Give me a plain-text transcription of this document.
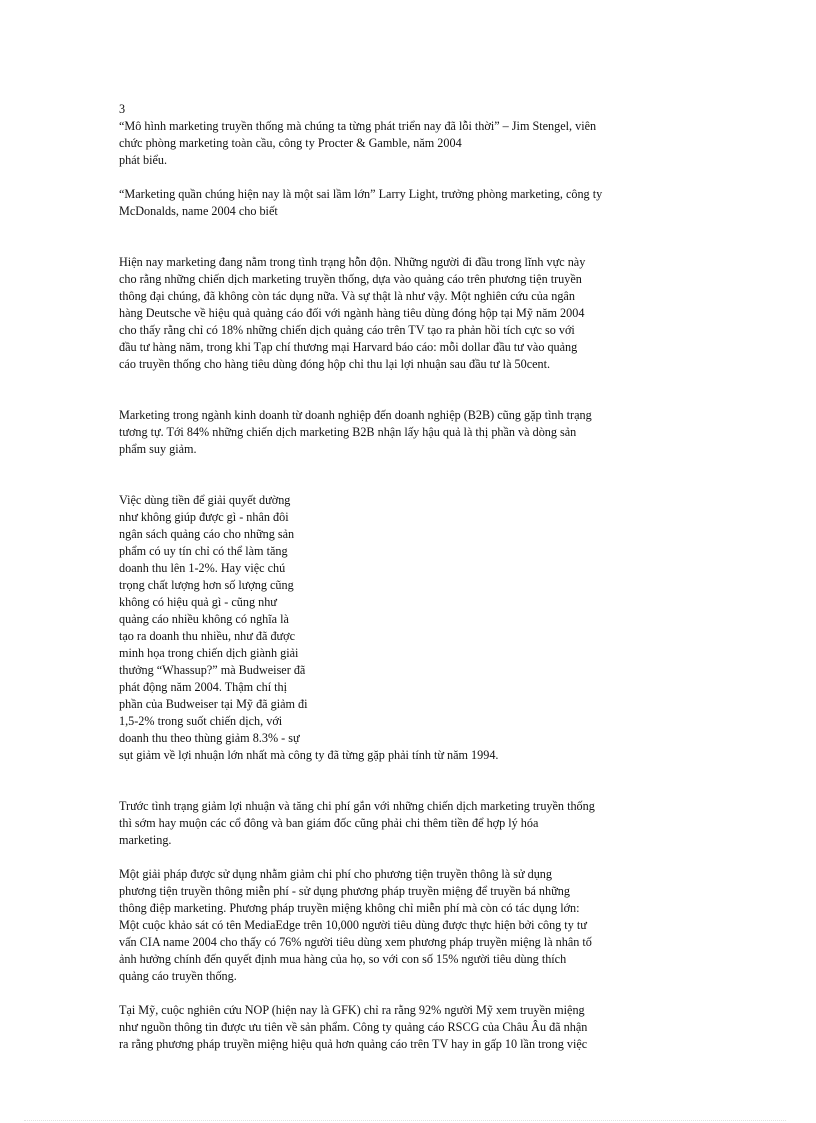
3
“Mô hình marketing truyền thống mà chúng ta từng phát triển nay đã lỗi thời” – Jim Stengel, viên
chức phòng marketing toàn cầu, công ty Procter & Gamble, năm 2004
phát biểu.
“Marketing quần chúng hiện nay là một sai lầm lớn” Larry Light, trưởng phòng marketing, công ty
McDonalds, name 2004 cho biết
Hiện nay marketing đang nằm trong tình trạng hỗn độn. Những người đi đầu trong lĩnh vực này
cho rằng những chiến dịch marketing truyền thống, dựa vào quảng cáo trên phương tiện truyền
thông đại chúng, đã không còn tác dụng nữa. Và sự thật là như vậy. Một nghiên cứu của ngân
hàng Deutsche về hiệu quả quảng cáo đối với ngành hàng tiêu dùng đóng hộp tại Mỹ năm 2004
cho thấy rằng chỉ có 18% những chiến dịch quảng cáo trên TV tạo ra phản hồi tích cực so với
đầu tư hàng năm, trong khi Tạp chí thương mại Harvard báo cáo: mỗi dollar đầu tư vào quảng
cáo truyền thống cho hàng tiêu dùng đóng hộp chỉ thu lại lợi nhuận sau đầu tư là 50cent.
Marketing trong ngành kinh doanh từ doanh nghiệp đến doanh nghiệp (B2B) cũng gặp tình trạng
tương tự. Tới 84% những chiến dịch marketing B2B nhận lấy hậu quả là thị phần và dòng sản
phẩm suy giảm.
Việc dùng tiền để giải quyết dường
như không giúp được gì - nhân đôi
ngân sách quảng cáo cho những sản
phẩm có uy tín chỉ có thể làm tăng
doanh thu lên 1-2%. Hay việc chú
trọng chất lượng hơn số lượng cũng
không có hiệu quả gì - cũng như
quảng cáo nhiều không có nghĩa là
tạo ra doanh thu nhiều, như đã được
minh họa trong chiến dịch giành giải
thưởng “Whassup?” mà Budweiser đã
phát động năm 2004. Thậm chí thị
phần của Budweiser tại Mỹ đã giảm đi
1,5-2% trong suốt chiến dịch, với
doanh thu theo thùng giảm 8.3% - sự
sụt giảm về lợi nhuận lớn nhất mà công ty đã từng gặp phải tính từ năm 1994.
Trước tình trạng giảm lợi nhuận và tăng chi phí gắn với những chiến dịch marketing truyền thống
thì sớm hay muộn các cổ đông và ban giám đốc cũng phải chi thêm tiền để hợp lý hóa
marketing.
Một giải pháp được sử dụng nhằm giảm chi phí cho phương tiện truyền thông là sử dụng
phương tiện truyền thông miễn phí - sử dụng phương pháp truyền miệng để truyền bá những
thông điệp marketing. Phương pháp truyền miệng không chỉ miễn phí mà còn có tác dụng lớn:
Một cuộc khảo sát có tên MediaEdge trên 10,000 người tiêu dùng được thực hiện bởi công ty tư
vấn CIA name 2004 cho thấy có 76% người tiêu dùng xem phương pháp truyền miệng là nhân tố
ảnh hưởng chính đến quyết định mua hàng của họ, so với con số 15% người tiêu dùng thích
quảng cáo truyền thống.
Tại Mỹ, cuộc nghiên cứu NOP (hiện nay là GFK) chỉ ra rằng 92% người Mỹ xem truyền miệng
như nguồn thông tin được ưu tiên về sản phẩm. Công ty quảng cáo RSCG của Châu Âu đã nhận
ra rằng phương pháp truyền miệng hiệu quả hơn quảng cáo trên TV hay in gấp 10 lần trong việc
